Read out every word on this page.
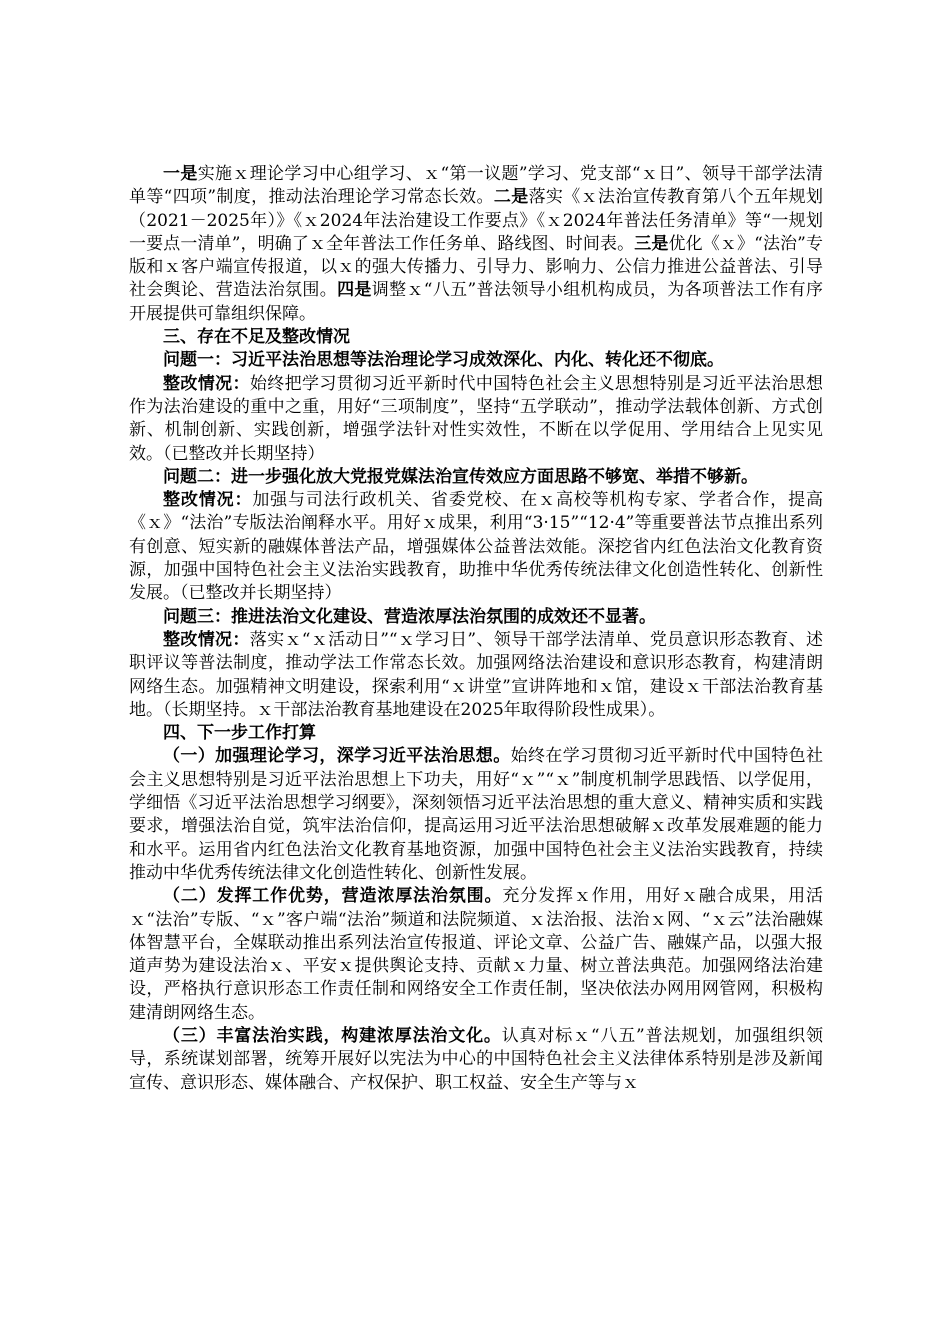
一是实施ｘ理论学习中心组学习、ｘ“第一议题”学习、党支部“ｘ日”、领导干部学法清单等“四项”制度，推动法治理论学习常态长效。二是落实《ｘ法治宣传教育第八个五年规划（2021－2025年）》《ｘ2024年法治建设工作要点》《ｘ2024年普法任务清单》等“一规划一要点一清单”，明确了ｘ全年普法工作任务单、路线图、时间表。三是优化《ｘ》“法治”专版和ｘ客户端宣传报道，以ｘ的强大传播力、引导力、影响力、公信力推进公益普法、引导社会舆论、营造法治氛围。四是调整ｘ“八五”普法领导小组机构成员，为各项普法工作有序开展提供可靠组织保障。

三、存在不足及整改情况

问题一：习近平法治思想等法治理论学习成效深化、内化、转化还不彻底。

整改情况：始终把学习贯彻习近平新时代中国特色社会主义思想特别是习近平法治思想作为法治建设的重中之重，用好“三项制度”，坚持“五学联动”，推动学法载体创新、方式创新、机制创新、实践创新，增强学法针对性实效性，不断在以学促用、学用结合上见实见效。（已整改并长期坚持）

问题二：进一步强化放大党报党媒法治宣传效应方面思路不够宽、举措不够新。

整改情况：加强与司法行政机关、省委党校、在ｘ高校等机构专家、学者合作，提高《ｘ》“法治”专版法治阐释水平。用好ｘ成果，利用“3·15”“12·4”等重要普法节点推出系列有创意、短实新的融媒体普法产品，增强媒体公益普法效能。深挖省内红色法治文化教育资源，加强中国特色社会主义法治实践教育，助推中华优秀传统法律文化创造性转化、创新性发展。（已整改并长期坚持）

问题三：推进法治文化建设、营造浓厚法治氛围的成效还不显著。

整改情况：落实ｘ“ｘ活动日”“ｘ学习日”、领导干部学法清单、党员意识形态教育、述职评议等普法制度，推动学法工作常态长效。加强网络法治建设和意识形态教育，构建清朗网络生态。加强精神文明建设，探索利用“ｘ讲堂”宣讲阵地和ｘ馆，建设ｘ干部法治教育基地。（长期坚持。ｘ干部法治教育基地建设在2025年取得阶段性成果）。

四、下一步工作打算

（一）加强理论学习，深学习近平法治思想。始终在学习贯彻习近平新时代中国特色社会主义思想特别是习近平法治思想上下功夫，用好“ｘ”“ｘ”制度机制学思践悟、以学促用，学细悟《习近平法治思想学习纲要》，深刻领悟习近平法治思想的重大意义、精神实质和实践要求，增强法治自觉，筑牢法治信仰，提高运用习近平法治思想破解ｘ改革发展难题的能力和水平。运用省内红色法治文化教育基地资源，加强中国特色社会主义法治实践教育，持续推动中华优秀传统法律文化创造性转化、创新性发展。

（二）发挥工作优势，营造浓厚法治氛围。充分发挥ｘ作用，用好ｘ融合成果，用活ｘ“法治”专版、“ｘ”客户端“法治”频道和法院频道、ｘ法治报、法治ｘ网、“ｘ云”法治融媒体智慧平台，全媒联动推出系列法治宣传报道、评论文章、公益广告、融媒产品，以强大报道声势为建设法治ｘ、平安ｘ提供舆论支持、贡献ｘ力量、树立普法典范。加强网络法治建设，严格执行意识形态工作责任制和网络安全工作责任制，坚决依法办网用网管网，积极构建清朗网络生态。

（三）丰富法治实践，构建浓厚法治文化。认真对标ｘ“八五”普法规划，加强组织领导，系统谋划部署，统筹开展好以宪法为中心的中国特色社会主义法律体系特别是涉及新闻宣传、意识形态、媒体融合、产权保护、职工权益、安全生产等与ｘ
